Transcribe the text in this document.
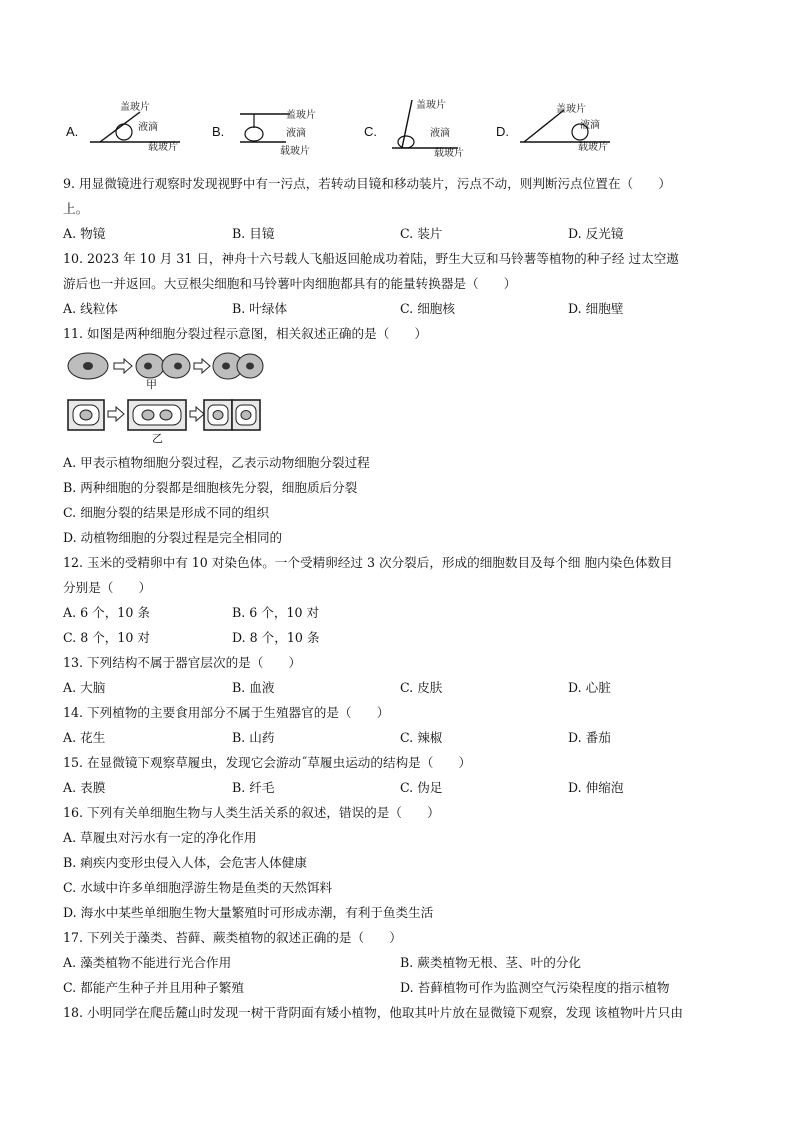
A.
盖玻片
液滴
载玻片
B.
盖玻片
液滴
载玻片
C.
盖玻片
液滴
载玻片
D.
盖玻片
液滴
载玻片
9. 用显微镜进行观察时发现视野中有一污点，若转动目镜和移动装片，污点不动，则判断污点位置在（　　）
上。
A. 物镜	B. 目镜	C. 装片	D. 反光镜
10. 2023 年 10 月 31 日，神舟十六号载人飞船返回舱成功着陆，野生大豆和马铃薯等植物的种子经 过太空遨
游后也一并返回。大豆根尖细胞和马铃薯叶肉细胞都具有的能量转换器是（　　）
A. 线粒体	B. 叶绿体	C. 细胞核	D. 细胞壁
11. 如图是两种细胞分裂过程示意图，相关叙述正确的是（　　）
甲
乙
A. 甲表示植物细胞分裂过程，乙表示动物细胞分裂过程
B. 两种细胞的分裂都是细胞核先分裂，细胞质后分裂
C. 细胞分裂的结果是形成不同的组织
D. 动植物细胞的分裂过程是完全相同的
12. 玉米的受精卵中有 10 对染色体。一个受精卵经过 3 次分裂后，形成的细胞数目及每个细 胞内染色体数目
分别是（　　）
A. 6 个，10 条	B. 6 个，10 对
C. 8 个，10 对	D. 8 个，10 条
13. 下列结构不属于器官层次的是（　　）
A. 大脑	B. 血液	C. 皮肤	D. 心脏
14. 下列植物的主要食用部分不属于生殖器官的是（　　）
A. 花生	B. 山药	C. 辣椒	D. 番茄
15. 在显微镜下观察草履虫，发现它会游动˝草履虫运动的结构是（　　）
A. 表膜	B. 纤毛	C. 伪足	D. 伸缩泡
16. 下列有关单细胞生物与人类生活关系的叙述，错误的是（　　）
A. 草履虫对污水有一定的净化作用
B. 痢疾内变形虫侵入人体，会危害人体健康
C. 水域中许多单细胞浮游生物是鱼类的天然饵料
D. 海水中某些单细胞生物大量繁殖时可形成赤潮，有利于鱼类生活
17. 下列关于藻类、苔藓、蕨类植物的叙述正确的是（　　）
A. 藻类植物不能进行光合作用	B. 蕨类植物无根、茎、叶的分化
C. 都能产生种子并且用种子繁殖	D. 苔藓植物可作为监测空气污染程度的指示植物
18. 小明同学在爬岳麓山时发现一树干背阴面有矮小植物，他取其叶片放在显微镜下观察，发现 该植物叶片只由
